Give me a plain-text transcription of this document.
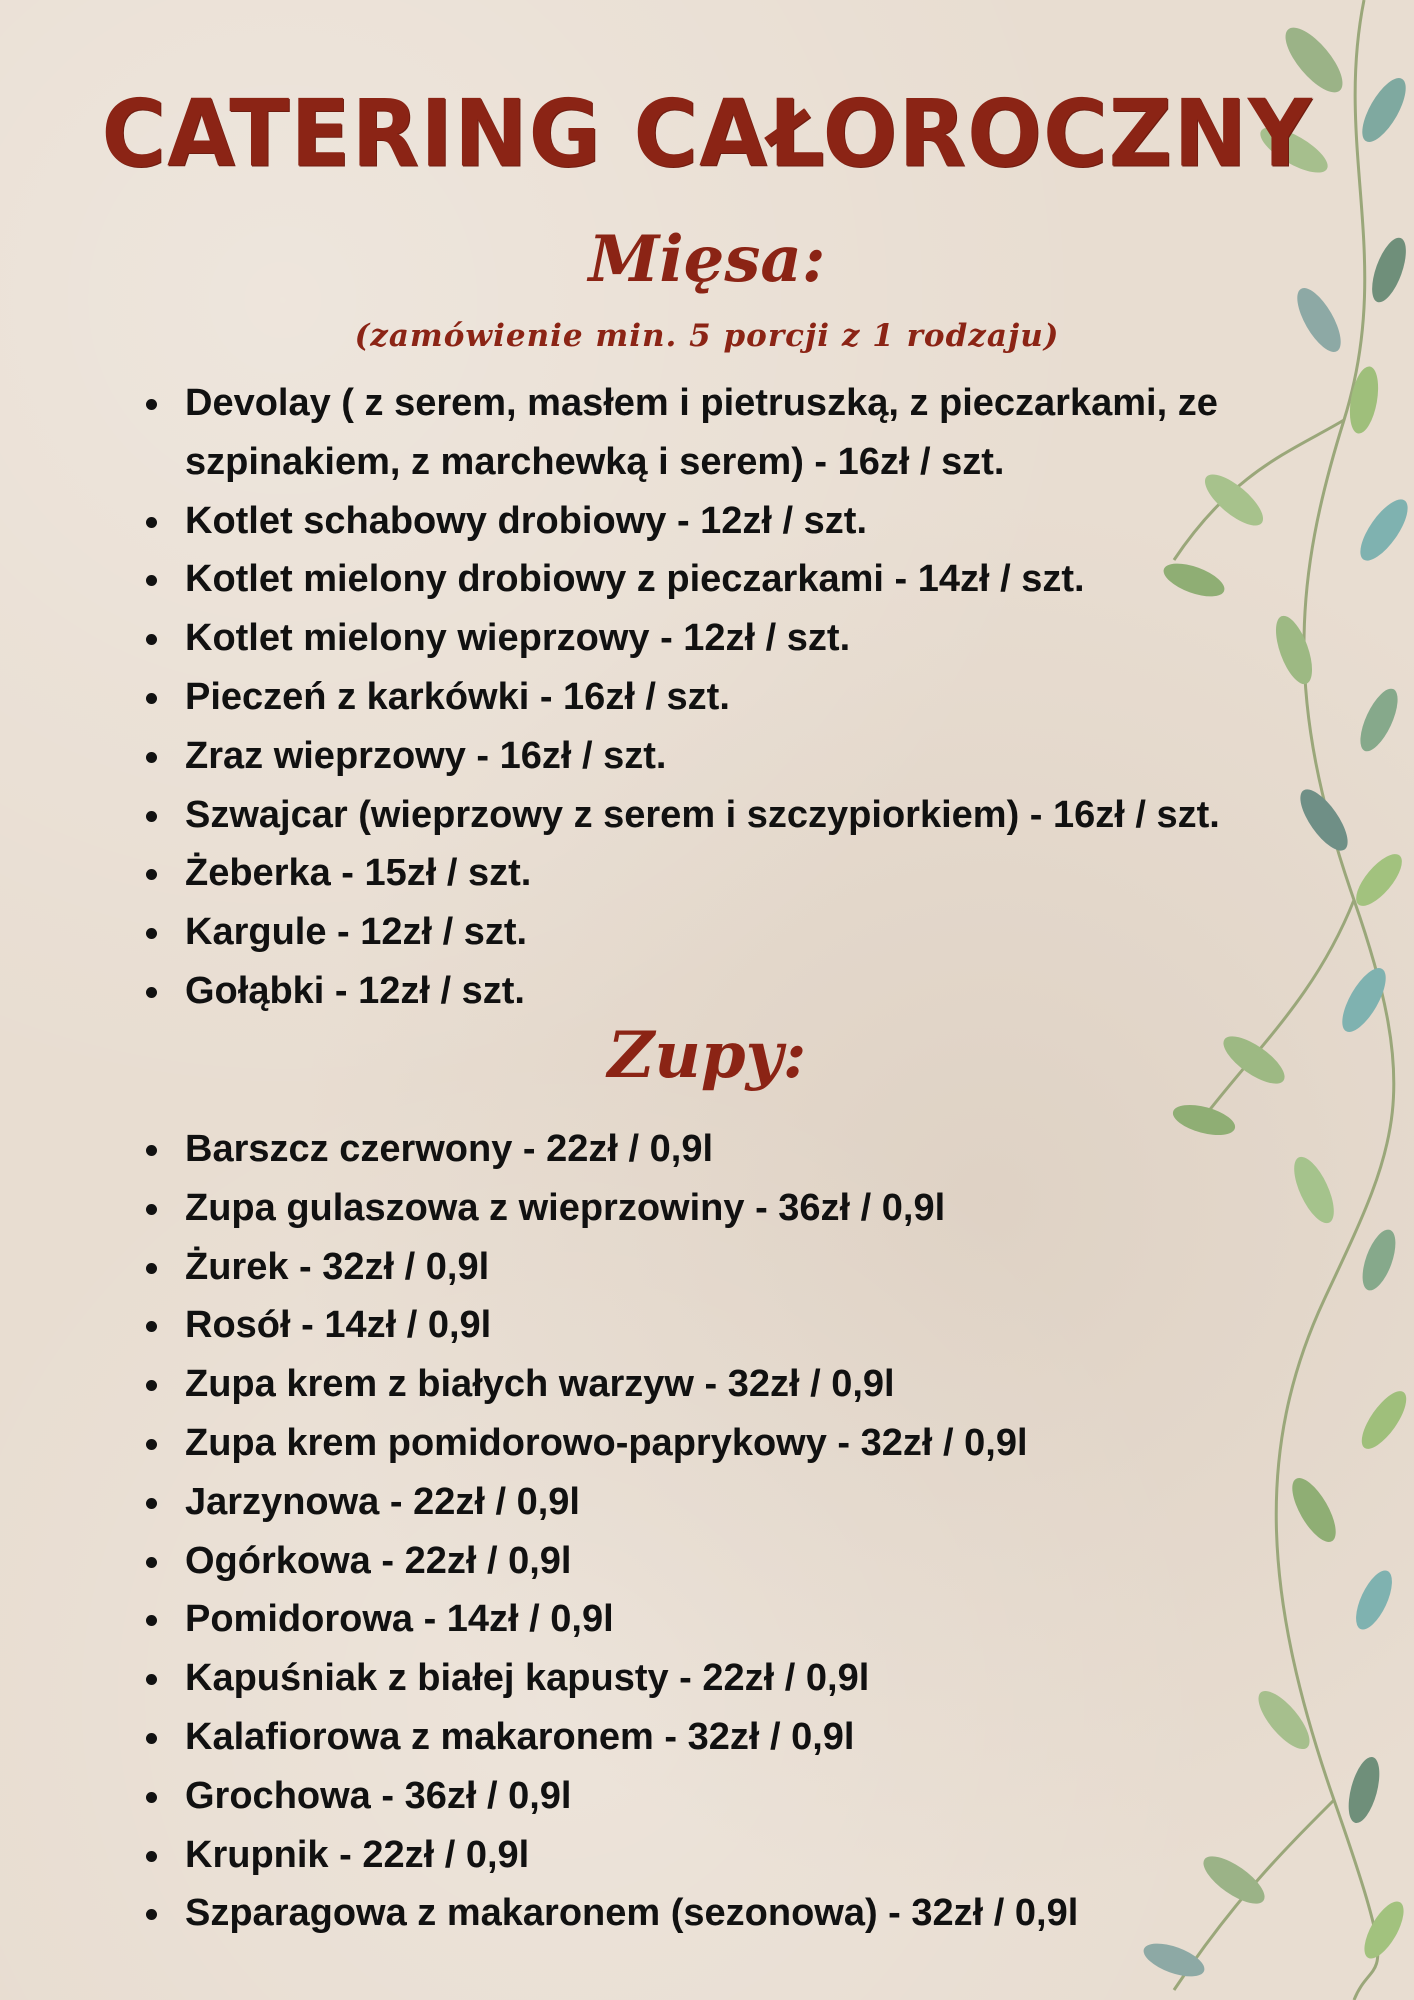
CATERING CAŁOROCZNY
Mięsa:
(zamówienie min. 5 porcji z 1 rodzaju)
Devolay ( z serem, masłem i pietruszką, z pieczarkami, ze szpinakiem, z marchewką i serem) - 16zł / szt.
Kotlet schabowy drobiowy - 12zł / szt.
Kotlet mielony drobiowy z pieczarkami - 14zł / szt.
Kotlet mielony wieprzowy - 12zł / szt.
Pieczeń z karkówki - 16zł / szt.
Zraz wieprzowy - 16zł / szt.
Szwajcar (wieprzowy z serem i szczypiorkiem) - 16zł / szt.
Żeberka - 15zł / szt.
Kargule - 12zł / szt.
Gołąbki - 12zł / szt.
Zupy:
Barszcz czerwony - 22zł / 0,9l
Zupa gulaszowa z wieprzowiny - 36zł / 0,9l
Żurek - 32zł / 0,9l
Rosół - 14zł / 0,9l
Zupa krem z białych warzyw - 32zł / 0,9l
Zupa krem pomidorowo-paprykowy - 32zł / 0,9l
Jarzynowa - 22zł / 0,9l
Ogórkowa - 22zł / 0,9l
Pomidorowa - 14zł / 0,9l
Kapuśniak z białej kapusty - 22zł / 0,9l
Kalafiorowa z makaronem - 32zł / 0,9l
Grochowa - 36zł / 0,9l
Krupnik - 22zł / 0,9l
Szparagowa z makaronem (sezonowa) - 32zł / 0,9l
